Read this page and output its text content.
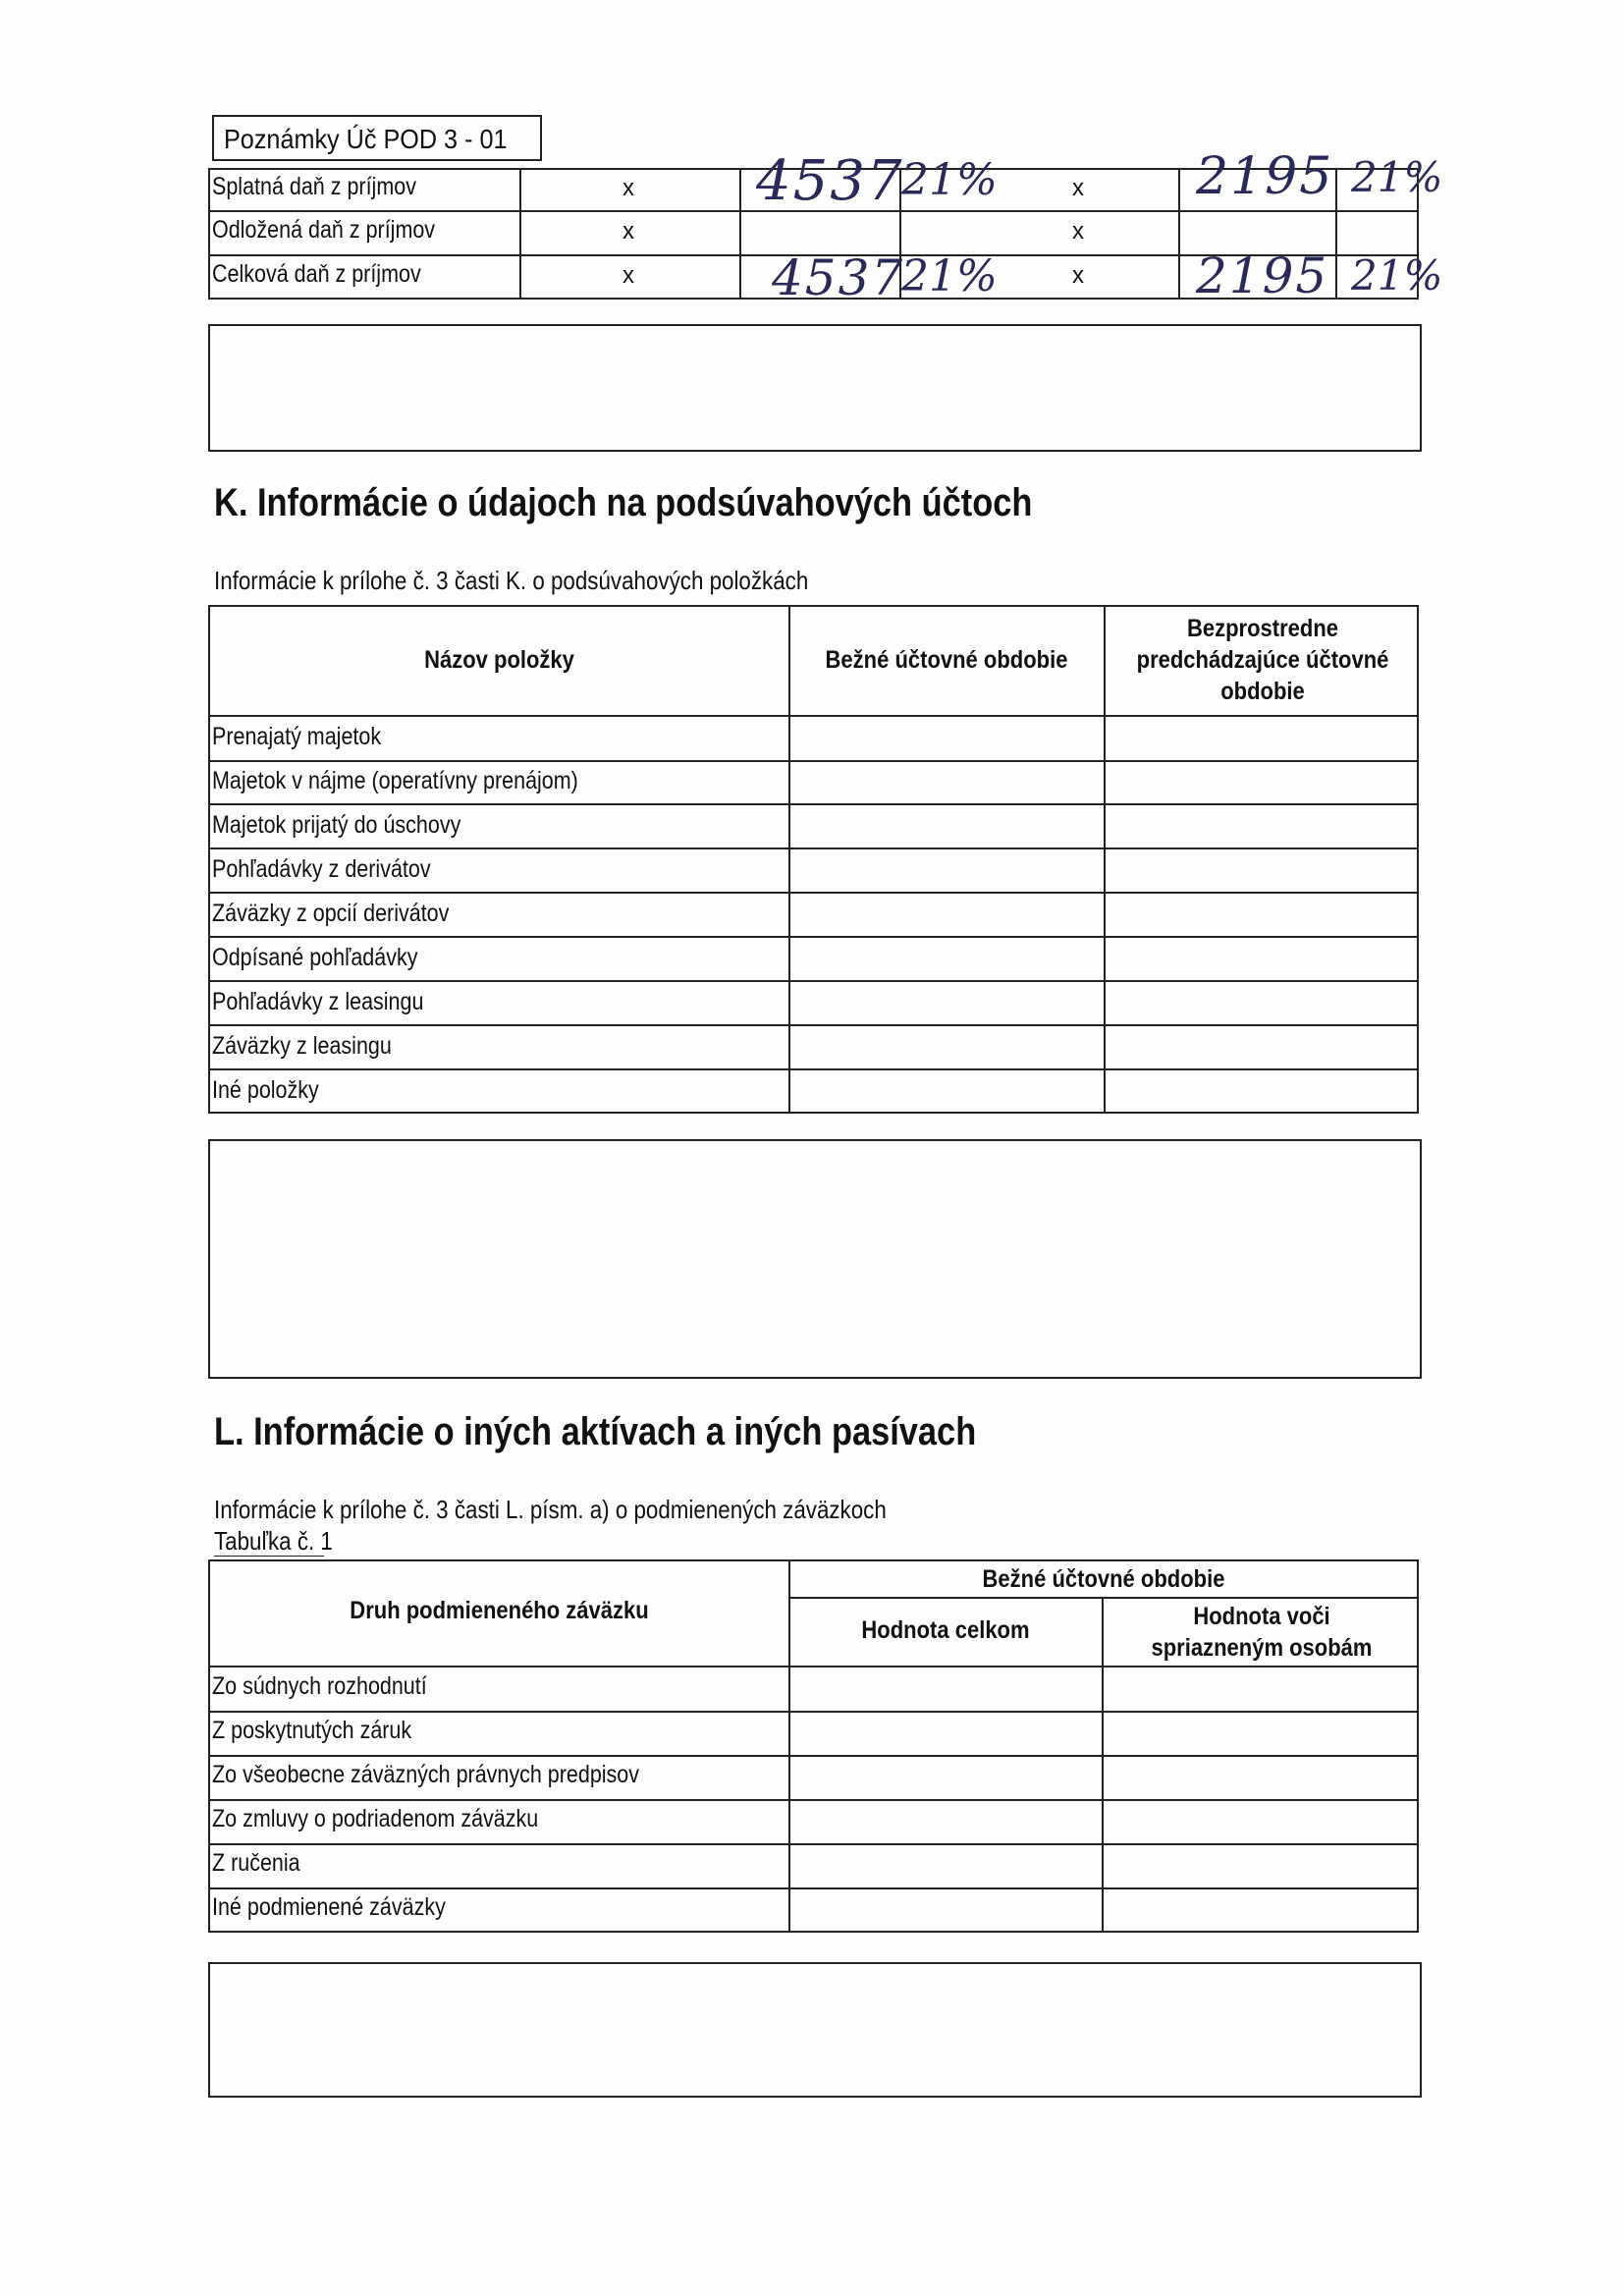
Poznámky Úč POD 3 - 01
Splatná daň z príjmov
Odložená daň z príjmov
Celková daň z príjmov
x
x
x
x
x
x
4537
21%
4537
21%
2195 21%
2195 21%
K. Informácie o údajoch na podsúvahových účtoch
Informácie k prílohe č. 3 časti K. o podsúvahových položkách
Názov položky	Bežné účtovné obdobie
Bezprostredne predchádzajúce účtovné obdobie
Prenajatý majetok
Majetok v nájme (operatívny prenájom)
Majetok prijatý do úschovy
Pohľadávky z derivátov
Záväzky z opcií derivátov
Odpísané pohľadávky
Pohľadávky z leasingu
Záväzky z leasingu
Iné položky
L. Informácie o iných aktívach a iných pasívach
Informácie k prílohe č. 3 časti L. písm. a) o podmienených záväzkoch
Tabuľka č. 1
Druh podmieneného záväzku
Bežné účtovné obdobie
Hodnota celkom	Hodnota voči spriazneným osobám
Zo súdnych rozhodnutí
Z poskytnutých záruk
Zo všeobecne záväzných právnych predpisov
Zo zmluvy o podriadenom záväzku
Z ručenia
Iné podmienené záväzky
